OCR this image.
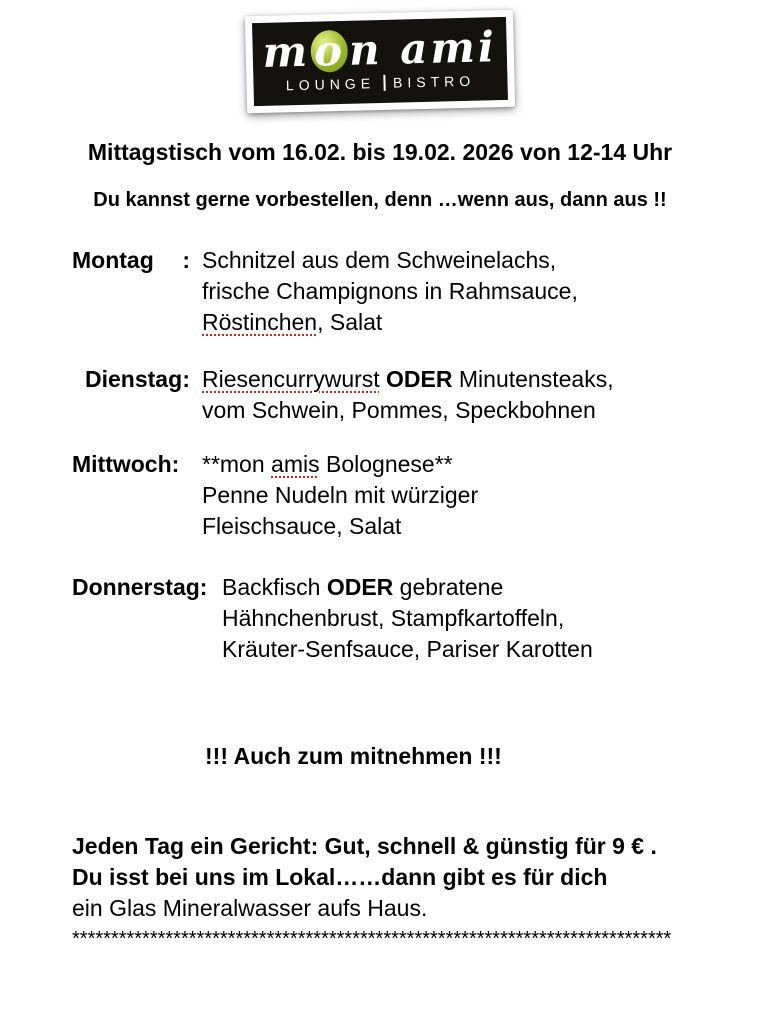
mon ami
LOUNGE BISTRO
Mittagstisch vom 16.02. bis 19.02. 2026 von 12-14 Uhr
Du kannst gerne vorbestellen, denn …wenn aus, dann aus !!
Montag : Schnitzel aus dem Schweinelachs,
frische Champignons in Rahmsauce,
Röstinchen, Salat
Dienstag : Riesencurrywurst ODER Minutensteaks,
vom Schwein, Pommes, Speckbohnen
Mittwoch : **mon amis Bolognese**
Penne Nudeln mit würziger
Fleischsauce, Salat
Donnerstag : Backfisch ODER gebratene
Hähnchenbrust, Stampfkartoffeln,
Kräuter-Senfsauce, Pariser Karotten
!!! Auch zum mitnehmen !!!
Jeden Tag ein Gericht: Gut, schnell & günstig für 9 € .
Du isst bei uns im Lokal……dann gibt es für dich
ein Glas Mineralwasser aufs Haus.
*****************************************************************************
